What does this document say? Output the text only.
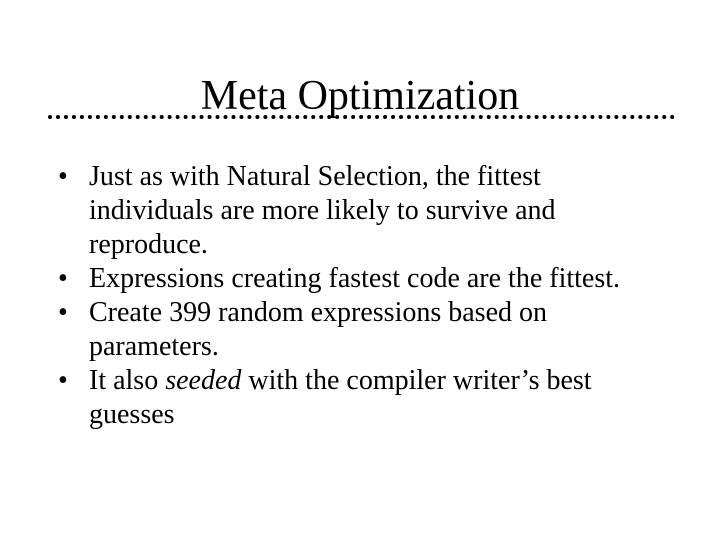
Meta Optimization
• Just as with Natural Selection, the fittest individuals are more likely to survive and reproduce.
• Expressions creating fastest code are the fittest.
• Create 399 random expressions based on parameters.
• It also seeded with the compiler writer’s best guesses
